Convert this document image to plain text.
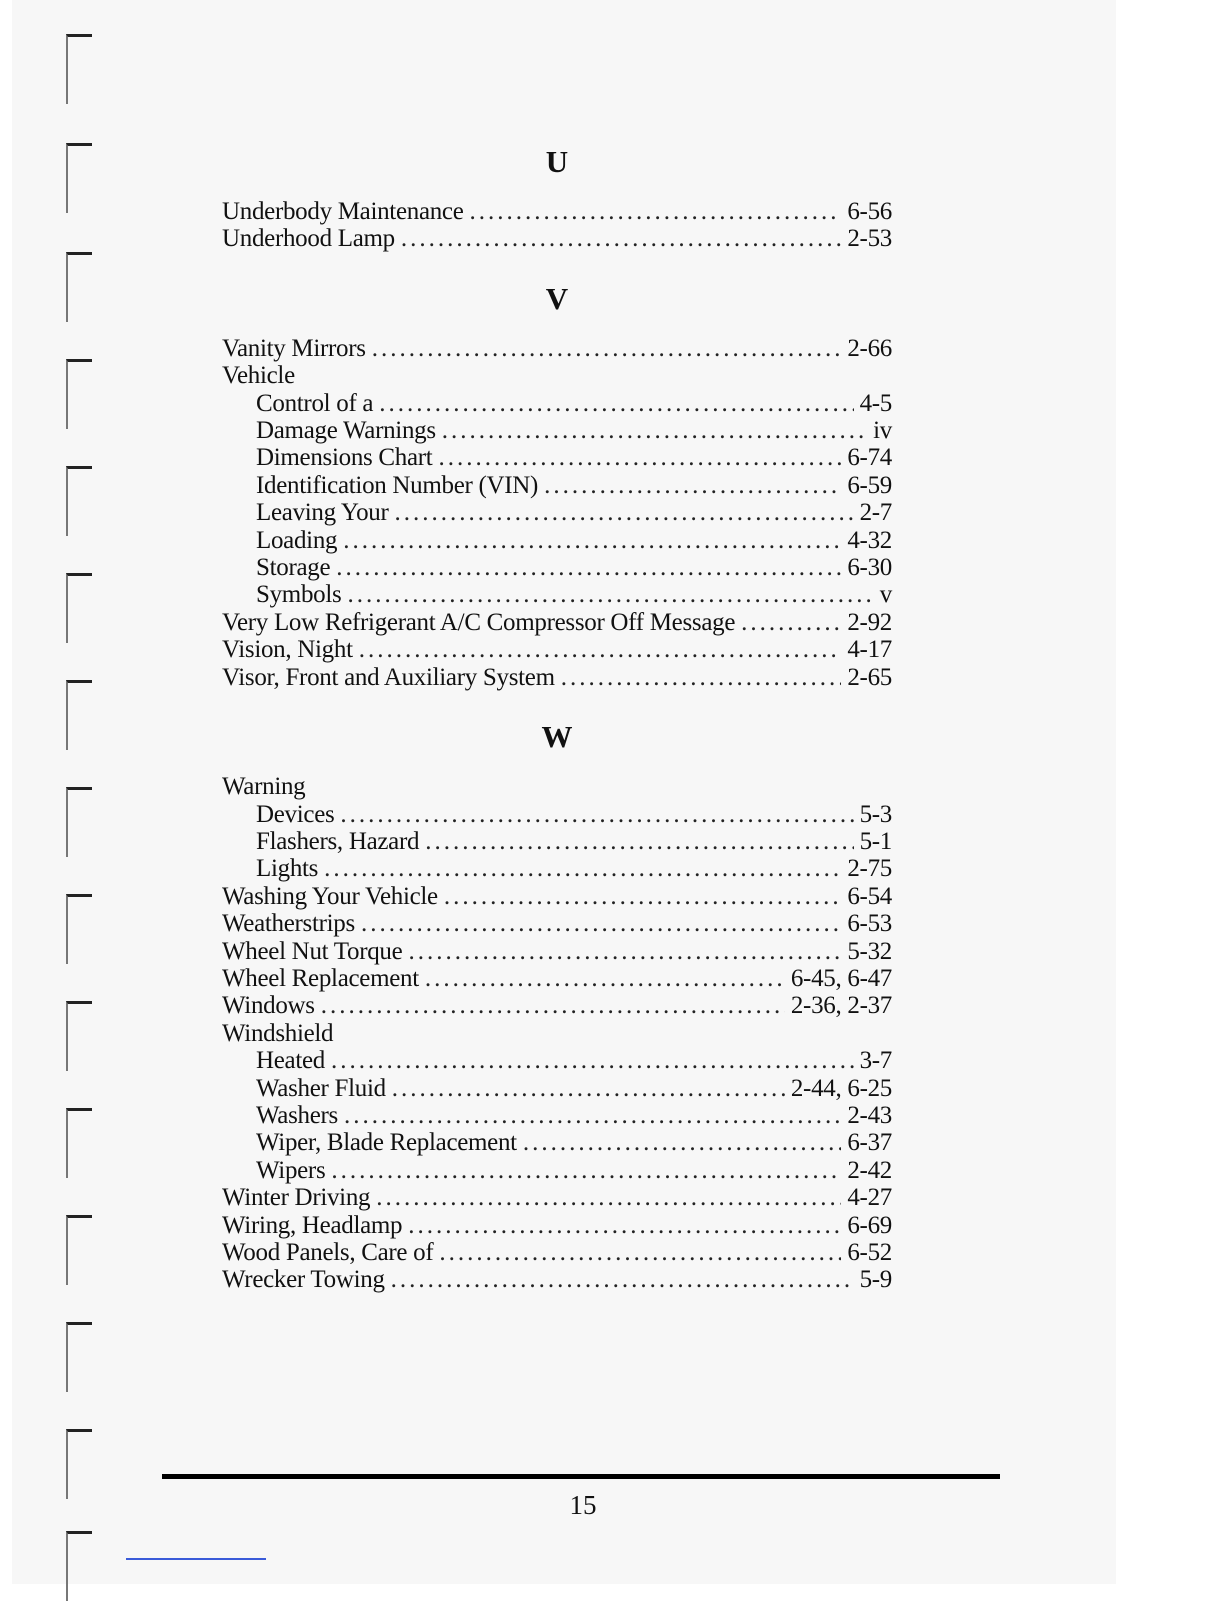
U
Underbody Maintenance .....	6-56
Underhood Lamp .....	2-53
V
Vanity Mirrors .....	2-66
Vehicle
Control of a .....	4-5
Damage Warnings .....	iv
Dimensions Chart .....	6-74
Identification Number (VIN) .....	6-59
Leaving Your .....	2-7
Loading .....	4-32
Storage .....	6-30
Symbols .....	v
Very Low Refrigerant A/C Compressor Off Message .....	2-92
Vision, Night .....	4-17
Visor, Front and Auxiliary System .....	2-65
W
Warning
Devices .....	5-3
Flashers, Hazard .....	5-1
Lights .....	2-75
Washing Your Vehicle .....	6-54
Weatherstrips .....	6-53
Wheel Nut Torque .....	5-32
Wheel Replacement .....	6-45, 6-47
Windows .....	2-36, 2-37
Windshield
Heated .....	3-7
Washer Fluid .....	2-44, 6-25
Washers .....	2-43
Wiper, Blade Replacement .....	6-37
Wipers .....	2-42
Winter Driving .....	4-27
Wiring, Headlamp .....	6-69
Wood Panels, Care of .....	6-52
Wrecker Towing .....	5-9
15
